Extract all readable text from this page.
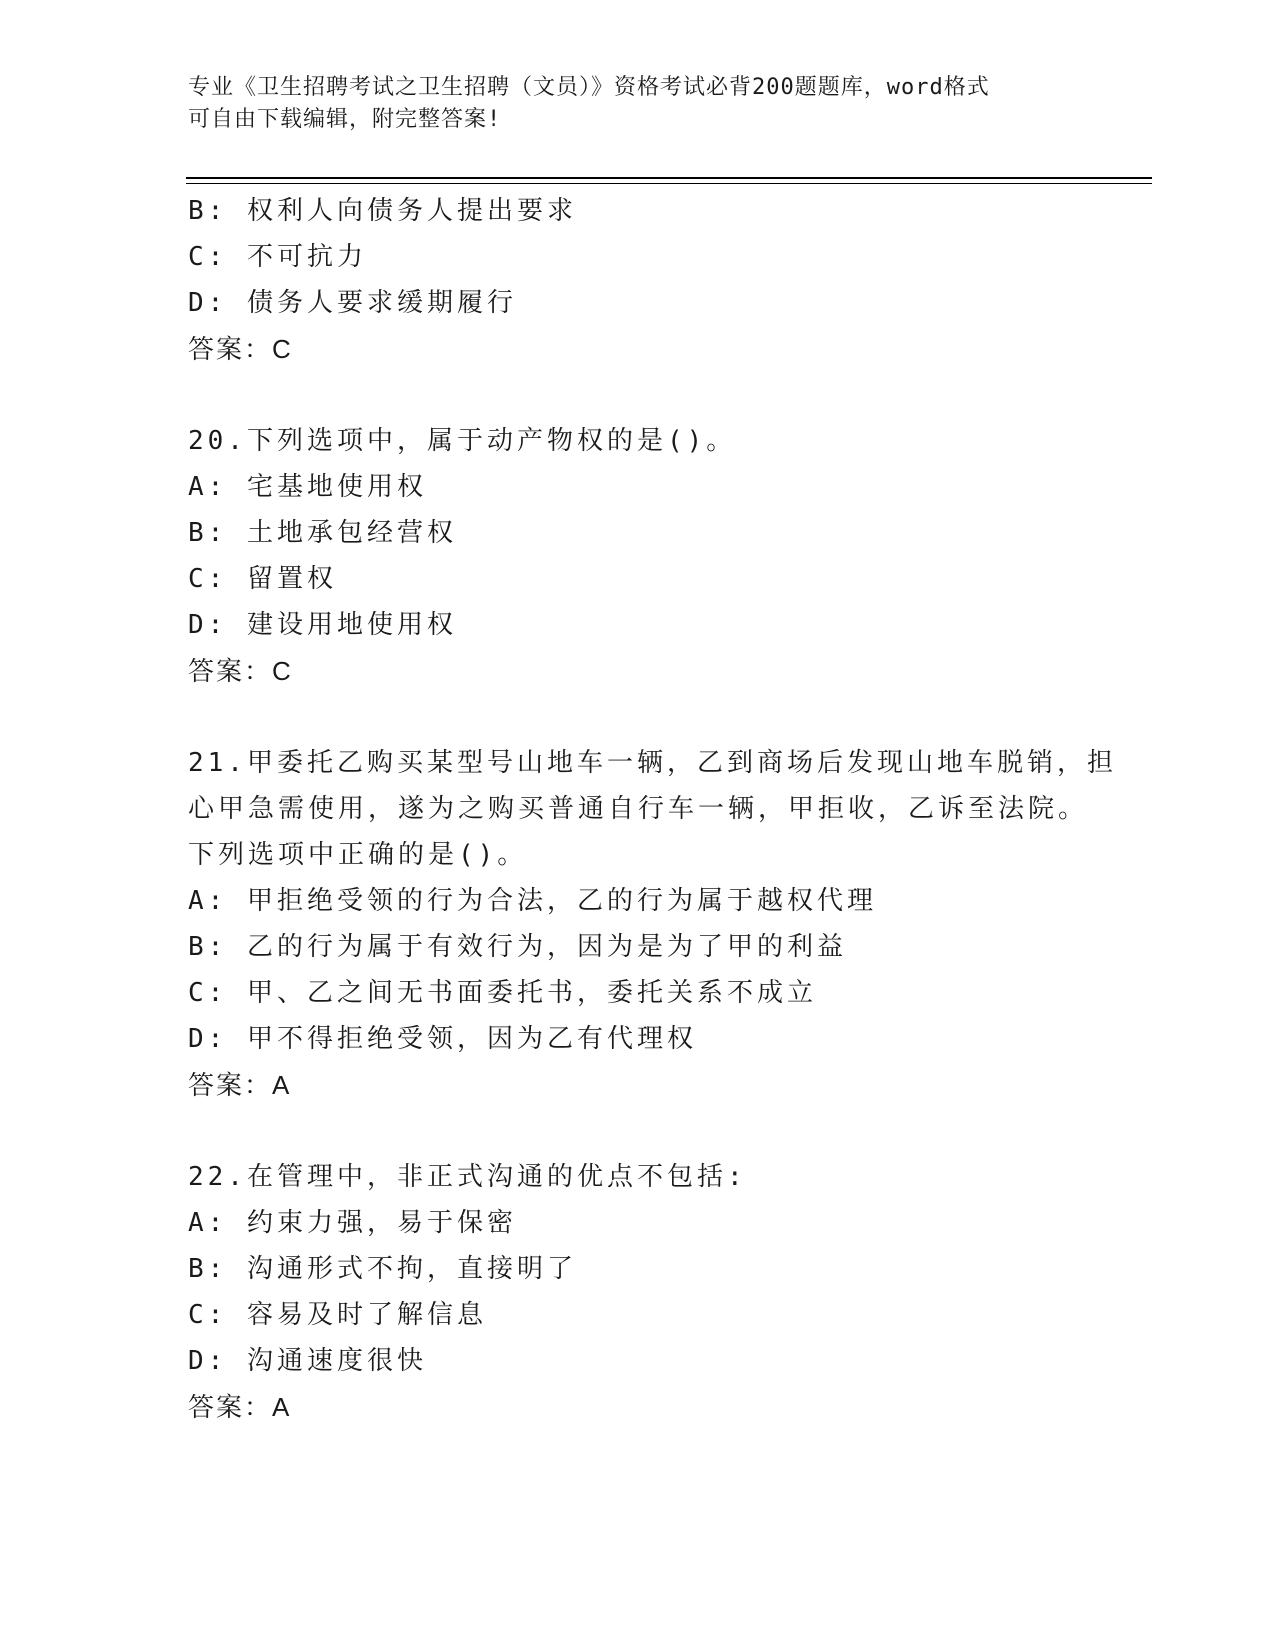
专业《卫生招聘考试之卫生招聘（文员）》资格考试必背200题题库，word格式
可自由下载编辑，附完整答案!
B: 权利人向债务人提出要求
C: 不可抗力
D: 债务人要求缓期履行
答案：C
20.下列选项中，属于动产物权的是()。
A: 宅基地使用权
B: 土地承包经营权
C: 留置权
D: 建设用地使用权
答案：C
21.甲委托乙购买某型号山地车一辆，乙到商场后发现山地车脱销，担
心甲急需使用，遂为之购买普通自行车一辆，甲拒收，乙诉至法院。
下列选项中正确的是()。
A: 甲拒绝受领的行为合法，乙的行为属于越权代理
B: 乙的行为属于有效行为，因为是为了甲的利益
C: 甲、乙之间无书面委托书，委托关系不成立
D: 甲不得拒绝受领，因为乙有代理权
答案：A
22.在管理中，非正式沟通的优点不包括:
A: 约束力强，易于保密
B: 沟通形式不拘，直接明了
C: 容易及时了解信息
D: 沟通速度很快
答案：A
